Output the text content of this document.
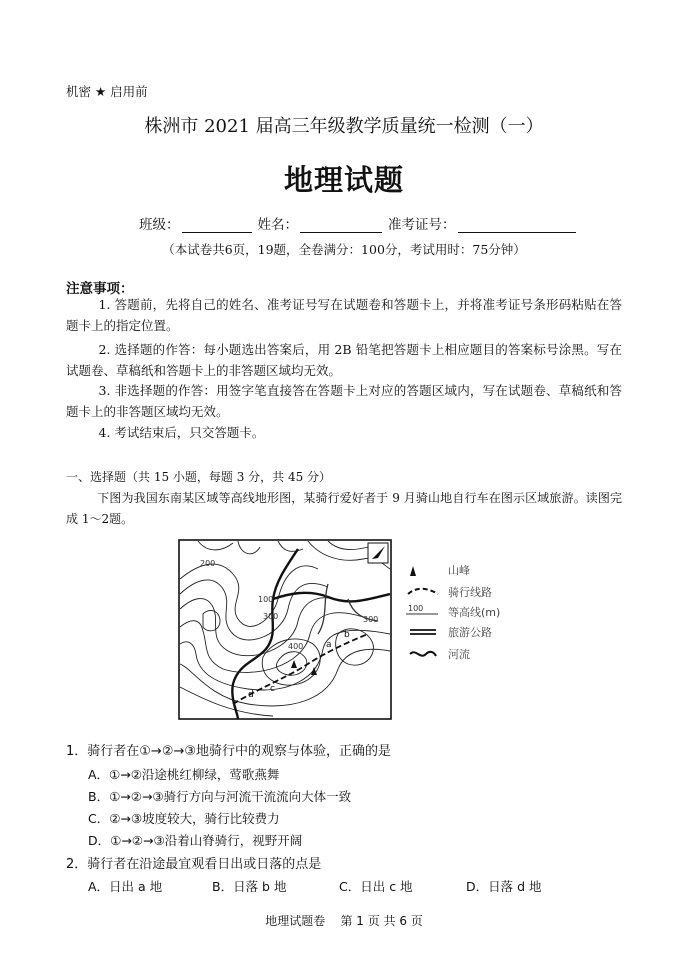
机密 ★ 启用前
株洲市 2021 届高三年级教学质量统一检测（一）
地理试题
班级：	姓名：	准考证号：
（本试卷共6页，19题，全卷满分：100分，考试用时：75分钟）
注意事项：
1. 答题前，先将自己的姓名、准考证号写在试题卷和答题卡上，并将准考证号条形码粘贴在答题卡上的指定位置。
2. 选择题的作答：每小题选出答案后，用 2B 铅笔把答题卡上相应题目的答案标号涂黑。写在试题卷、草稿纸和答题卡上的非答题区域均无效。
3. 非选择题的作答：用签字笔直接答在答题卡上对应的答题区域内，写在试题卷、草稿纸和答题卡上的非答题区域均无效。
4. 考试结束后，只交答题卡。
一、选择题（共 15 小题，每题 3 分，共 45 分）
下图为我国东南某区域等高线地形图，某骑行爱好者于 9 月骑山地自行车在图示区域旅游。读图完成 1～2题。
200
100
300	300
400	a
b
c
d
山峰
骑行线路
100 等高线(m)
旅游公路
河流
1．骑行者在①→②→③地骑行中的观察与体验，正确的是
A．①→②沿途桃红柳绿，莺歌燕舞
B．①→②→③骑行方向与河流干流流向大体一致
C．②→③坡度较大，骑行比较费力
D．①→②→③沿着山脊骑行，视野开阔
2．骑行者在沿途最宜观看日出或日落的点是
A．日出 a 地	B．日落 b 地	C．日出 c 地	D．日落 d 地
地理试题卷    第 1 页 共 6 页
